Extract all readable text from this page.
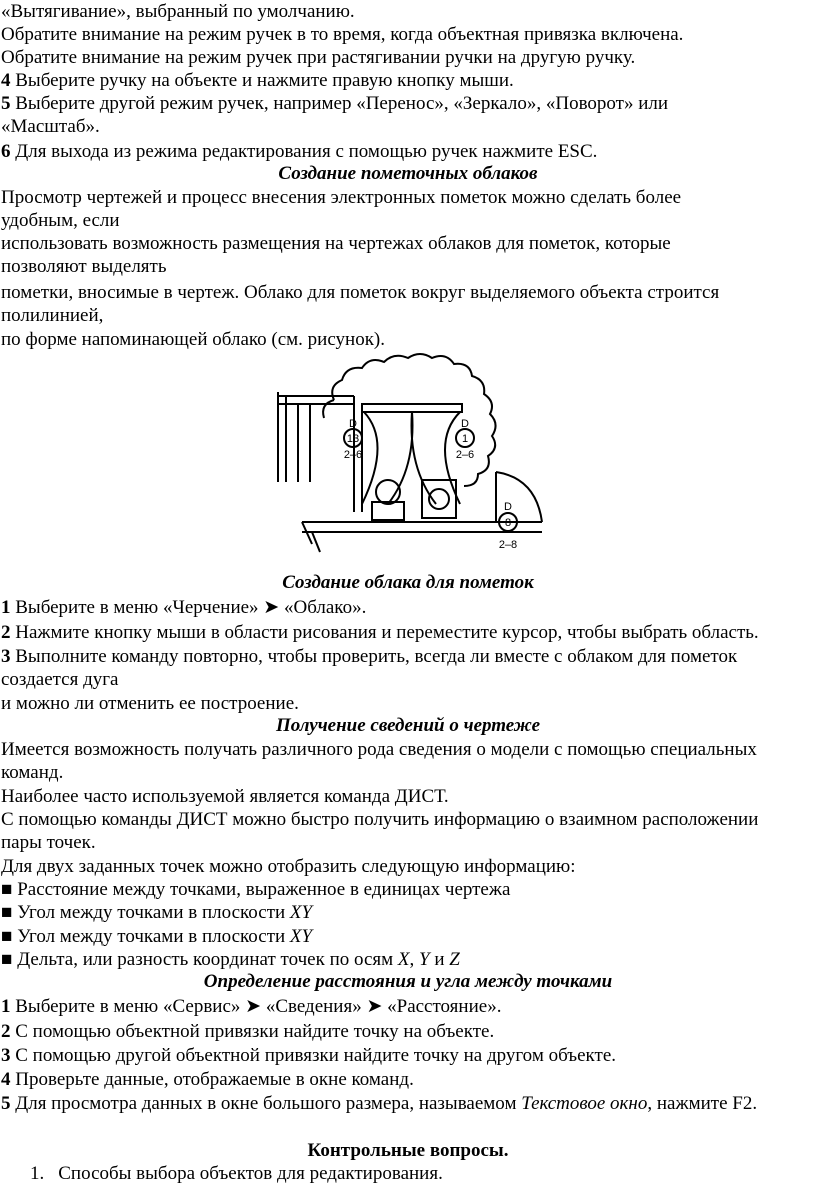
«Вытягивание», выбранный по умолчанию.
Обратите внимание на режим ручек в то время, когда объектная привязка включена.
Обратите внимание на режим ручек при растягивании ручки на другую ручку.
4 Выберите ручку на объекте и нажмите правую кнопку мыши.
5 Выберите другой режим ручек, например «Перенос», «Зеркало», «Поворот» или
«Масштаб».
6 Для выхода из режима редактирования с помощью ручек нажмите ESC.
Создание пометочных облаков
Просмотр чертежей и процесс внесения электронных пометок можно сделать более
удобным, если
использовать возможность размещения на чертежах облаков для пометок, которые
позволяют выделять
пометки, вносимые в чертеж. Облако для пометок вокруг выделяемого объекта строится
полилинией,
по форме напоминающей облако (см. рисунок).
D
13
2–6
D
1
2–6
D
8
2–8
Создание облака для пометок
1 Выберите в меню «Черчение» ➤ «Облако».
2 Нажмите кнопку мыши в области рисования и переместите курсор, чтобы выбрать область.
3 Выполните команду повторно, чтобы проверить, всегда ли вместе с облаком для пометок
создается дуга
и можно ли отменить ее построение.
Получение сведений о чертеже
Имеется возможность получать различного рода сведения о модели с помощью специальных
команд.
Наиболее часто используемой является команда ДИСТ.
С помощью команды ДИСТ можно быстро получить информацию о взаимном расположении
пары точек.
Для двух заданных точек можно отобразить следующую информацию:
■ Расстояние между точками, выраженное в единицах чертежа
■ Угол между точками в плоскости XY
■ Угол между точками в плоскости XY
■ Дельта, или разность координат точек по осям X, Y и Z
Определение расстояния и угла между точками
1 Выберите в меню «Сервис» ➤ «Сведения» ➤ «Расстояние».
2 С помощью объектной привязки найдите точку на объекте.
3 С помощью другой объектной привязки найдите точку на другом объекте.
4 Проверьте данные, отображаемые в окне команд.
5 Для просмотра данных в окне большого размера, называемом Текстовое окно, нажмите F2.
Контрольные вопросы.
1. Способы выбора объектов для редактирования.
